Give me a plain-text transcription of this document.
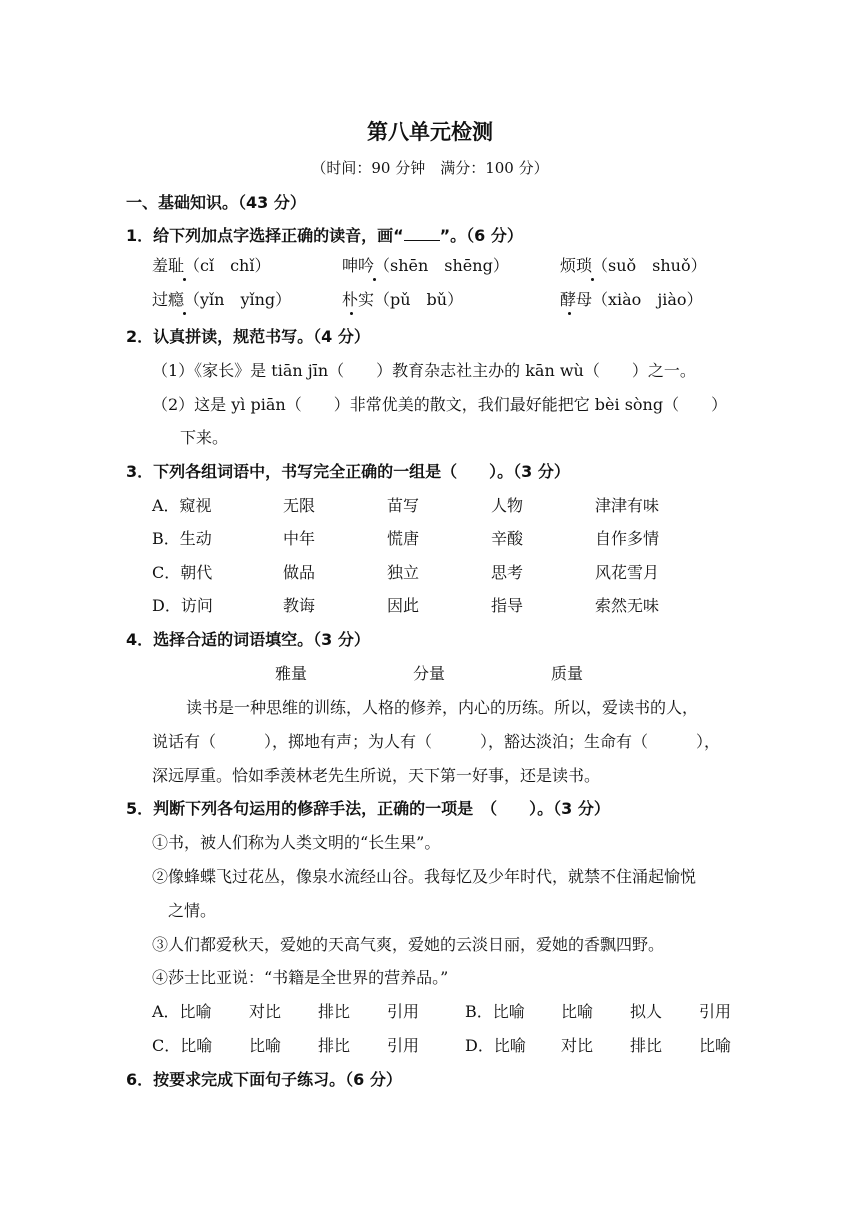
第八单元检测
（时间：90 分钟　满分：100 分）
一、基础知识。（43 分）
1．给下列加点字选择正确的读音，画“ ”。（6 分）
羞耻（cǐ　chǐ）	呻吟（shēn　shēng）	烦琐（suǒ　shuǒ）
过瘾（yǐn　yǐng）	朴实（pǔ　bǔ）	酵母（xiào　jiào）
2．认真拼读，规范书写。（4 分）
（1）《家长》是 tiān jīn（　　）教育杂志社主办的 kān wù（　　）之一。
（2）这是 yì piān（　　）非常优美的散文，我们最好能把它 bèi sòng（　　）
下来。
3．下列各组词语中，书写完全正确的一组是（　　）。（3 分）
A．窥视	无限	苗写	人物	津津有味
B．生动	中年	慌唐	辛酸	自作多情
C．朝代	做品	独立	思考	风花雪月
D．访问	教诲	因此	指导	索然无味
4．选择合适的词语填空。（3 分）
雅量	分量	质量
读书是一种思维的训练，人格的修养，内心的历练。所以，爱读书的人，
说话有（　　　），掷地有声；为人有（　　　），豁达淡泊；生命有（　　　），
深远厚重。恰如季羡林老先生所说，天下第一好事，还是读书。
5．判断下列各句运用的修辞手法，正确的一项是　（　　）。（3 分）
①书，被人们称为人类文明的“长生果”。
②像蜂蝶飞过花丛，像泉水流经山谷。我每忆及少年时代，就禁不住涌起愉悦
之情。
③人们都爱秋天，爱她的天高气爽，爱她的云淡日丽，爱她的香飘四野。
④莎士比亚说：“书籍是全世界的营养品。”
A．比喻 对比 排比 引用	B．比喻 比喻 拟人 引用
C．比喻 比喻 排比 引用	D．比喻 对比 排比 比喻
6．按要求完成下面句子练习。（6 分）
